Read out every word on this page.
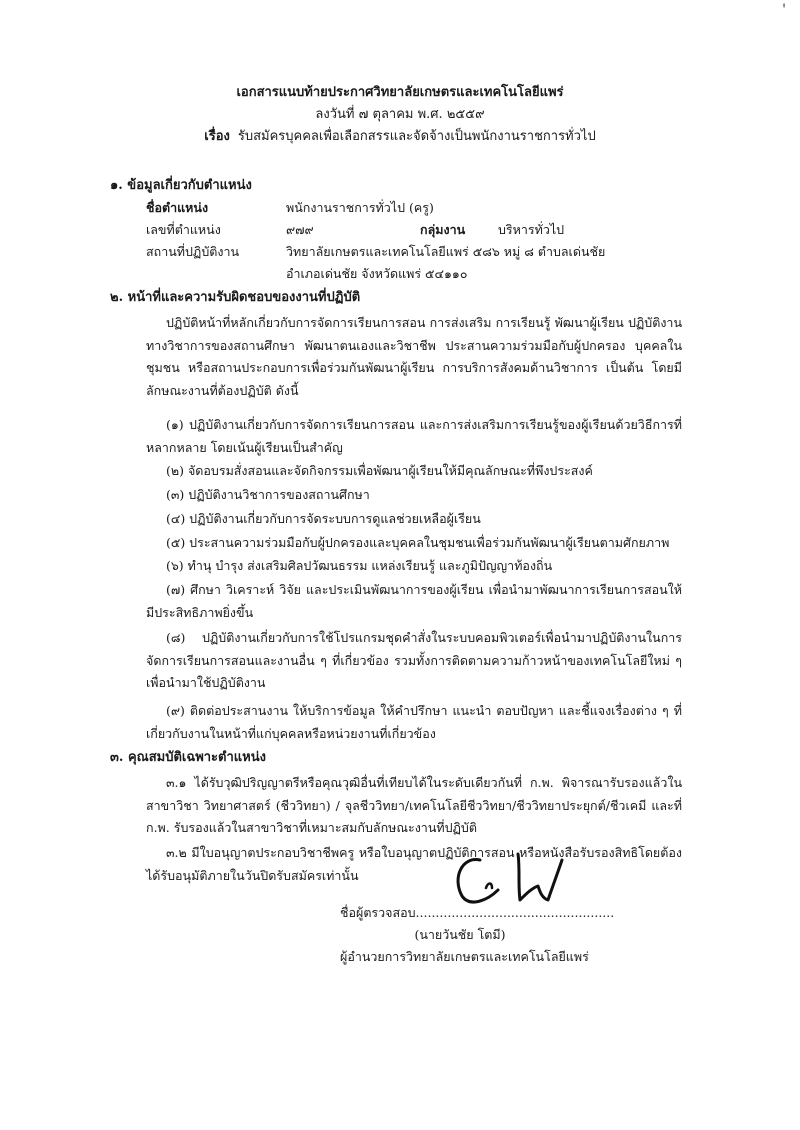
'
เอกสารแนบท้ายประกาศวิทยาลัยเกษตรและเทคโนโลยีแพร่
ลงวันที่ ๗ ตุลาคม พ.ศ. ๒๕๕๙
เรื่อง รับสมัครบุคคลเพื่อเลือกสรรและจัดจ้างเป็นพนักงานราชการทั่วไป
๑. ข้อมูลเกี่ยวกับตำแหน่ง
ชื่อตำแหน่ง	พนักงานราชการทั่วไป (ครู)
เลขที่ตำแหน่ง	๙๗๙	กลุ่มงาน	บริหารทั่วไป
สถานที่ปฏิบัติงาน	วิทยาลัยเกษตรและเทคโนโลยีแพร่ ๕๘๖ หมู่ ๘ ตำบลเด่นชัย
อำเภอเด่นชัย จังหวัดแพร่ ๕๔๑๑๐
๒. หน้าที่และความรับผิดชอบของงานที่ปฏิบัติ
ปฏิบัติหน้าที่หลักเกี่ยวกับการจัดการเรียนการสอน การส่งเสริม การเรียนรู้ พัฒนาผู้เรียน ปฏิบัติงานทางวิชาการของสถานศึกษา พัฒนาตนเองและวิชาชีพ ประสานความร่วมมือกับผู้ปกครอง บุคคลในชุมชน หรือสถานประกอบการเพื่อร่วมกันพัฒนาผู้เรียน การบริการสังคมด้านวิชาการ เป็นต้น โดยมีลักษณะงานที่ต้องปฏิบัติ ดังนี้
(๑) ปฏิบัติงานเกี่ยวกับการจัดการเรียนการสอน และการส่งเสริมการเรียนรู้ของผู้เรียนด้วยวิธีการที่หลากหลาย โดยเน้นผู้เรียนเป็นสำคัญ
(๒) จัดอบรมสั่งสอนและจัดกิจกรรมเพื่อพัฒนาผู้เรียนให้มีคุณลักษณะที่พึงประสงค์
(๓) ปฏิบัติงานวิชาการของสถานศึกษา
(๔) ปฏิบัติงานเกี่ยวกับการจัดระบบการดูแลช่วยเหลือผู้เรียน
(๕) ประสานความร่วมมือกับผู้ปกครองและบุคคลในชุมชนเพื่อร่วมกันพัฒนาผู้เรียนตามศักยภาพ
(๖) ทำนุ บำรุง ส่งเสริมศิลปวัฒนธรรม แหล่งเรียนรู้ และภูมิปัญญาท้องถิ่น
(๗) ศึกษา วิเคราะห์ วิจัย และประเมินพัฒนาการของผู้เรียน เพื่อนำมาพัฒนาการเรียนการสอนให้มีประสิทธิภาพยิ่งขึ้น
(๘) ปฏิบัติงานเกี่ยวกับการใช้โปรแกรมชุดคำสั่งในระบบคอมพิวเตอร์เพื่อนำมาปฏิบัติงานในการจัดการเรียนการสอนและงานอื่น ๆ ที่เกี่ยวข้อง รวมทั้งการติดตามความก้าวหน้าของเทคโนโลยีใหม่ ๆ เพื่อนำมาใช้ปฏิบัติงาน
(๙) ติดต่อประสานงาน ให้บริการข้อมูล ให้คำปรึกษา แนะนำ ตอบปัญหา และชี้แจงเรื่องต่าง ๆ ที่เกี่ยวกับงานในหน้าที่แก่บุคคลหรือหน่วยงานที่เกี่ยวข้อง
๓. คุณสมบัติเฉพาะตำแหน่ง
๓.๑ ได้รับวุฒิปริญญาตรีหรือคุณวุฒิอื่นที่เทียบได้ในระดับเดียวกันที่ ก.พ. พิจารณารับรองแล้วในสาขาวิชา วิทยาศาสตร์ (ชีววิทยา) / จุลชีววิทยา/เทคโนโลยีชีววิทยา/ชีววิทยาประยุกต์/ชีวเคมี และที่ ก.พ. รับรองแล้วในสาขาวิชาที่เหมาะสมกับลักษณะงานที่ปฏิบัติ
๓.๒ มีใบอนุญาตประกอบวิชาชีพครู หรือใบอนุญาตปฏิบัติการสอน หรือหนังสือรับรองสิทธิโดยต้องได้รับอนุมัติภายในวันปิดรับสมัครเท่านั้น
ชื่อผู้ตรวจสอบ..................................................
(นายวันชัย โตมี)
ผู้อำนวยการวิทยาลัยเกษตรและเทคโนโลยีแพร่
